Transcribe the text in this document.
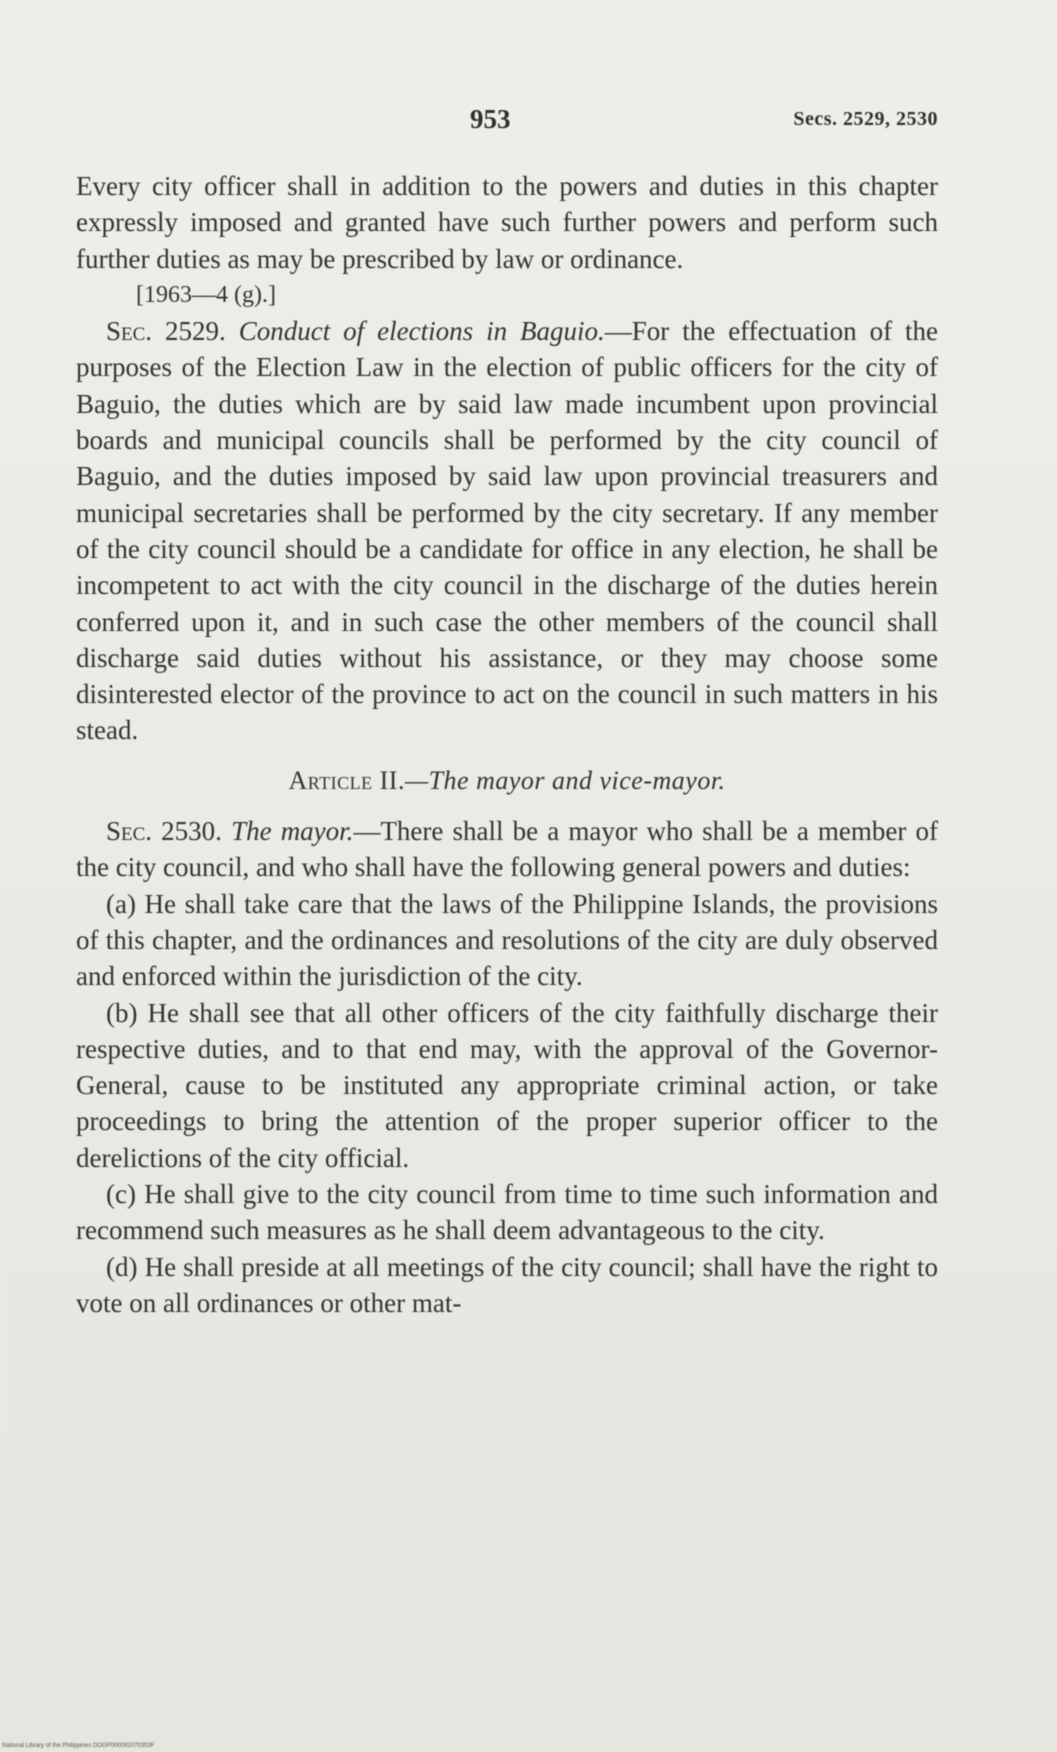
953	Secs. 2529, 2530

Every city officer shall in addition to the powers and duties in this chapter expressly imposed and granted have such further powers and perform such further duties as may be prescribed by law or ordinance.

[1963—4 (g).]

Sec. 2529. Conduct of elections in Baguio.—For the effectuation of the purposes of the Election Law in the election of public officers for the city of Baguio, the duties which are by said law made incumbent upon provincial boards and municipal councils shall be performed by the city council of Baguio, and the duties imposed by said law upon provincial treasurers and municipal secretaries shall be performed by the city secretary. If any member of the city council should be a candidate for office in any election, he shall be incompetent to act with the city council in the discharge of the duties herein conferred upon it, and in such case the other members of the council shall discharge said duties without his assistance, or they may choose some disinterested elector of the province to act on the council in such matters in his stead.

Article II.—The mayor and vice-mayor.

Sec. 2530. The mayor.—There shall be a mayor who shall be a member of the city council, and who shall have the following general powers and duties:

(a) He shall take care that the laws of the Philippine Islands, the provisions of this chapter, and the ordinances and resolutions of the city are duly observed and enforced within the jurisdiction of the city.

(b) He shall see that all other officers of the city faithfully discharge their respective duties, and to that end may, with the approval of the Governor-General, cause to be instituted any appropriate criminal action, or take proceedings to bring the attention of the proper superior officer to the derelictions of the city official.

(c) He shall give to the city council from time to time such information and recommend such measures as he shall deem advantageous to the city.

(d) He shall preside at all meetings of the city council; shall have the right to vote on all ordinances or other mat-

National Library of the Philippines DOGP000092070353F
